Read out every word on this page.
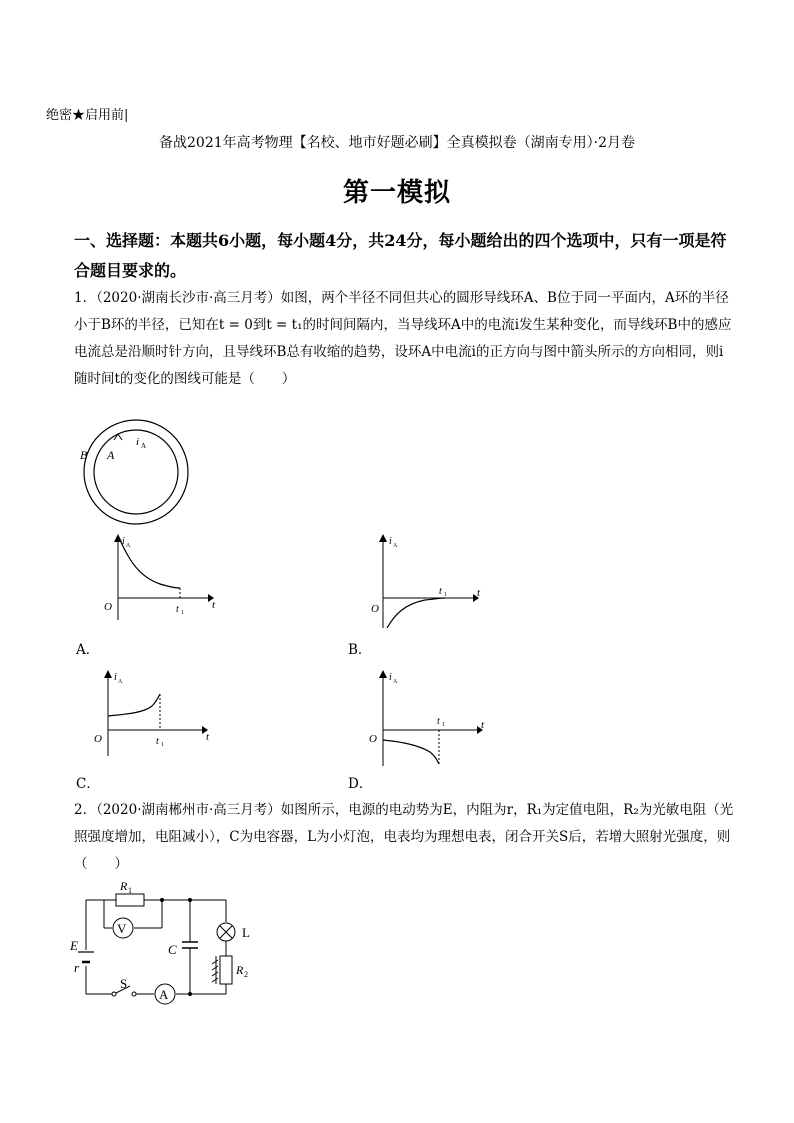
绝密★启用前|
备战2021年高考物理【名校、地市好题必刷】全真模拟卷（湖南专用）·2月卷
第一模拟
一、选择题：本题共6小题，每小题4分，共24分，每小题给出的四个选项中，只有一项是符合题目要求的。
1．（2020·湖南长沙市·高三月考）如图，两个半径不同但共心的圆形导线环A、B位于同一平面内，A环的半径小于B环的半径，已知在t = 0到t = t₁的时间间隔内，当导线环A中的电流i发生某种变化，而导线环B中的感应电流总是沿顺时针方向，且导线环B总有收缩的趋势，设环A中电流i的正方向与图中箭头所示的方向相同，则i随时间t的变化的图线可能是（　　）
B A
i A
i A
t
O	t 1
A．
i A
t
O
t 1
B．
i A
t
O	t 1
C．
i A
t
O
t 1
D．
2．（2020·湖南郴州市·高三月考）如图所示，电源的电动势为E，内阻为r，R₁为定值电阻，R₂为光敏电阻（光照强度增加，电阻减小），C为电容器，L为小灯泡，电表均为理想电表，闭合开关S后，若增大照射光强度，则（　　）
V
A
R 1
E
r
S
C
L
R 2
